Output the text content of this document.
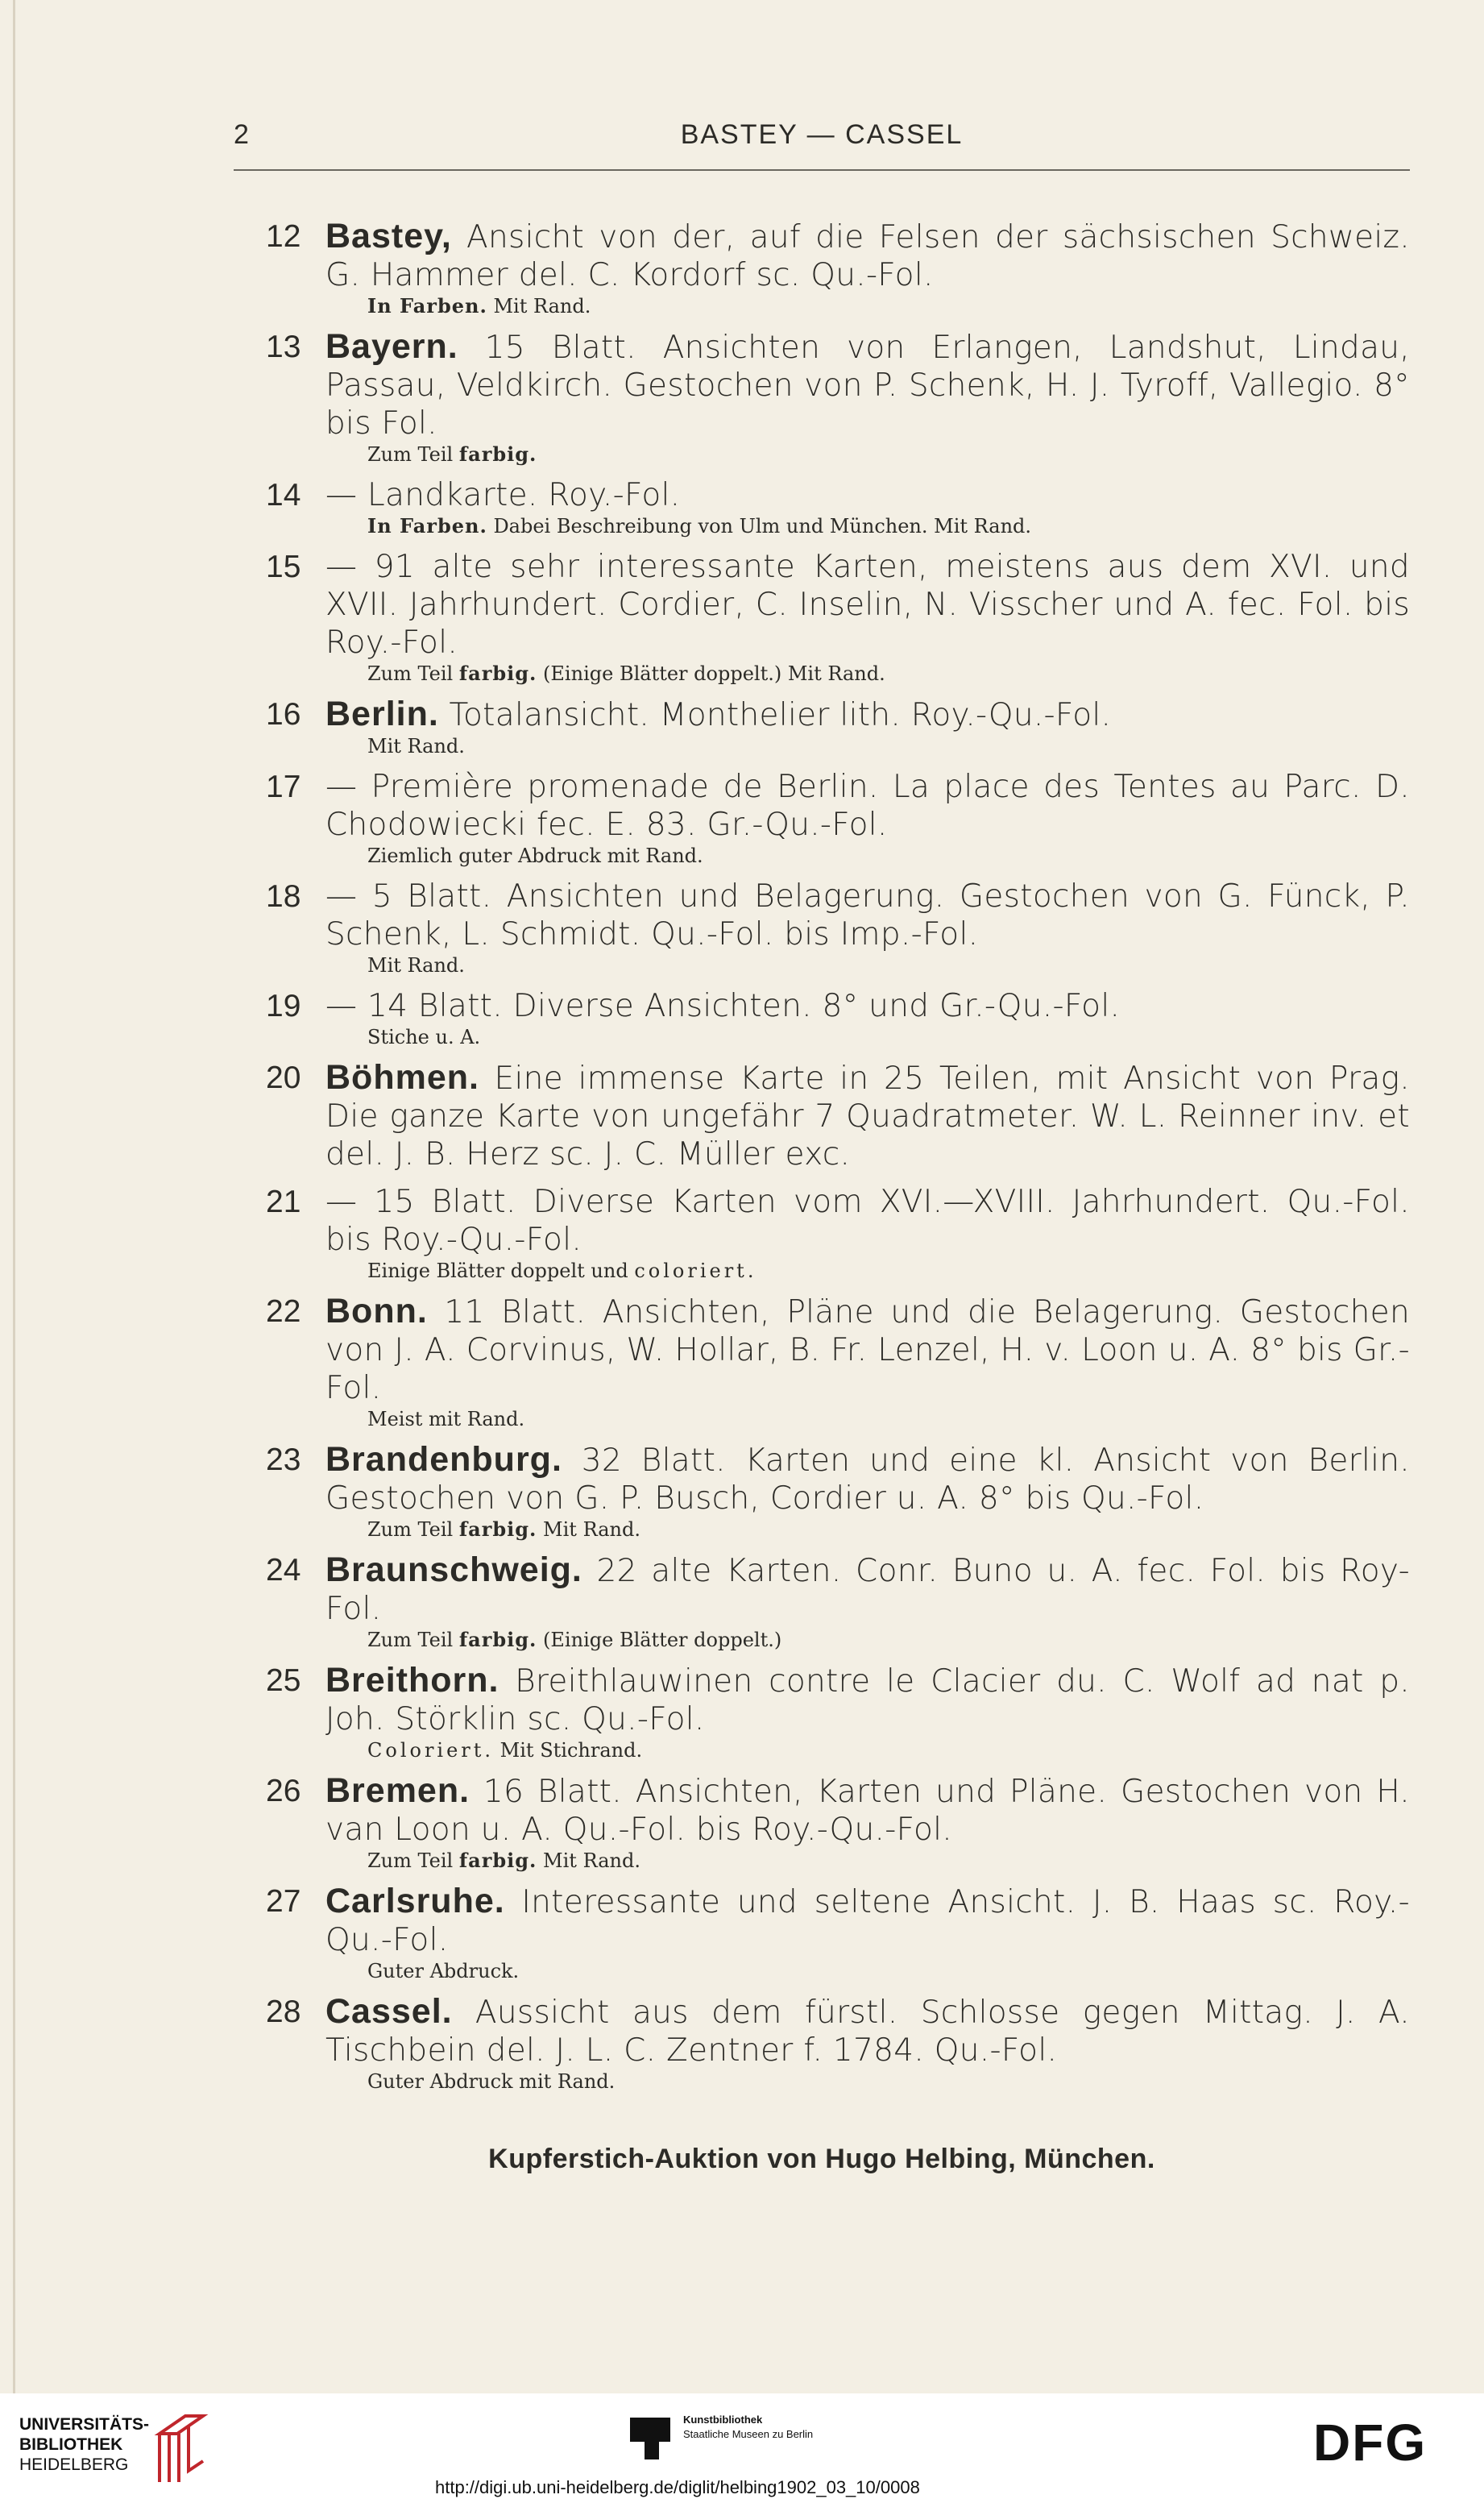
BASTEY — CASSEL
2
12 Bastey, Ansicht von der, auf die Felsen der sächsischen Schweiz. G. Hammer del. C. Kordorf sc. Qu.-Fol.
In Farben. Mit Rand.
13 Bayern. 15 Blatt. Ansichten von Erlangen, Landshut, Lindau, Passau, Veldkirch. Gestochen von P. Schenk, H. J. Tyroff, Vallegio. 8° bis Fol.
Zum Teil farbig.
14 — Landkarte. Roy.-Fol.
In Farben. Dabei Beschreibung von Ulm und München. Mit Rand.
15 — 91 alte sehr interessante Karten, meistens aus dem XVI. und XVII. Jahrhundert. Cordier, C. Inselin, N. Visscher und A. fec. Fol. bis Roy.-Fol.
Zum Teil farbig. (Einige Blätter doppelt.) Mit Rand.
16 Berlin. Totalansicht. Monthelier lith. Roy.-Qu.-Fol.
Mit Rand.
17 — Première promenade de Berlin. La place des Tentes au Parc. D. Chodowiecki fec. E. 83. Gr.-Qu.-Fol.
Ziemlich guter Abdruck mit Rand.
18 — 5 Blatt. Ansichten und Belagerung. Gestochen von G. Fünck, P. Schenk, L. Schmidt. Qu.-Fol. bis Imp.-Fol.
Mit Rand.
19 — 14 Blatt. Diverse Ansichten. 8° und Gr.-Qu.-Fol.
Stiche u. A.
20 Böhmen. Eine immense Karte in 25 Teilen, mit Ansicht von Prag. Die ganze Karte von ungefähr 7 Quadratmeter. W. L. Reinner inv. et del. J. B. Herz sc. J. C. Müller exc.
21 — 15 Blatt. Diverse Karten vom XVI.—XVIII. Jahrhundert. Qu.-Fol. bis Roy.-Qu.-Fol.
Einige Blätter doppelt und coloriert.
22 Bonn. 11 Blatt. Ansichten, Pläne und die Belagerung. Gestochen von J. A. Corvinus, W. Hollar, B. Fr. Lenzel, H. v. Loon u. A. 8° bis Gr.-Fol.
Meist mit Rand.
23 Brandenburg. 32 Blatt. Karten und eine kl. Ansicht von Berlin. Gestochen von G. P. Busch, Cordier u. A. 8° bis Qu.-Fol.
Zum Teil farbig. Mit Rand.
24 Braunschweig. 22 alte Karten. Conr. Buno u. A. fec. Fol. bis Roy-Fol.
Zum Teil farbig. (Einige Blätter doppelt.)
25 Breithorn. Breithlauwinen contre le Clacier du. C. Wolf ad nat p. Joh. Störklin sc. Qu.-Fol.
Coloriert. Mit Stichrand.
26 Bremen. 16 Blatt. Ansichten, Karten und Pläne. Gestochen von H. van Loon u. A. Qu.-Fol. bis Roy.-Qu.-Fol.
Zum Teil farbig. Mit Rand.
27 Carlsruhe. Interessante und seltene Ansicht. J. B. Haas sc. Roy.-Qu.-Fol.
Guter Abdruck.
28 Cassel. Aussicht aus dem fürstl. Schlosse gegen Mittag. J. A. Tischbein del. J. L. C. Zentner f. 1784. Qu.-Fol.
Guter Abdruck mit Rand.
Kupferstich-Auktion von Hugo Helbing, München.
UNIVERSITÄTS-
BIBLIOTHEK
HEIDELBERG
Kunstbibliothek
Staatliche Museen zu Berlin	DFG
http://digi.ub.uni-heidelberg.de/diglit/helbing1902_03_10/0008
